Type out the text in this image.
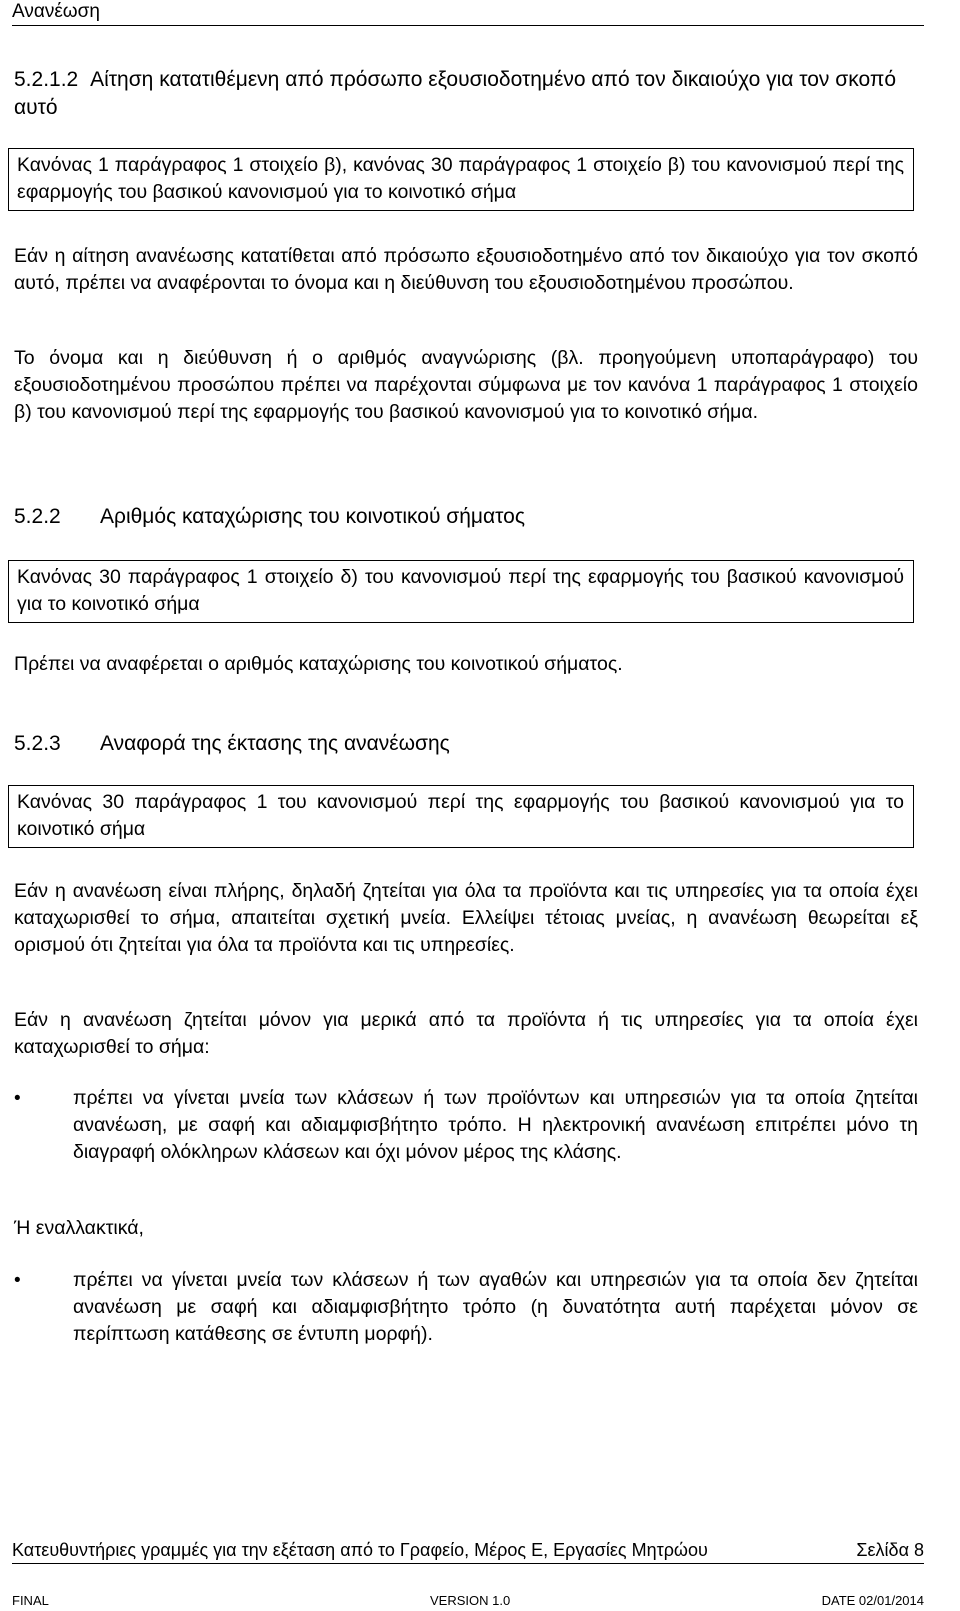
Ανανέωση
5.2.1.2 Αίτηση κατατιθέμενη από πρόσωπο εξουσιοδοτημένο από τον δικαιούχο για τον σκοπό αυτό
Κανόνας 1 παράγραφος 1 στοιχείο β), κανόνας 30 παράγραφος 1 στοιχείο β) του κανονισμού περί της εφαρμογής του βασικού κανονισμού για το κοινοτικό σήμα

Εάν η αίτηση ανανέωσης κατατίθεται από πρόσωπο εξουσιοδοτημένο από τον δικαιούχο για τον σκοπό αυτό, πρέπει να αναφέρονται το όνομα και η διεύθυνση του εξουσιοδοτημένου προσώπου.

Το όνομα και η διεύθυνση ή ο αριθμός αναγνώρισης (βλ. προηγούμενη υποπαράγραφο) του εξουσιοδοτημένου προσώπου πρέπει να παρέχονται σύμφωνα με τον κανόνα 1 παράγραφος 1 στοιχείο β) του κανονισμού περί της εφαρμογής του βασικού κανονισμού για το κοινοτικό σήμα.

5.2.2 Αριθμός καταχώρισης του κοινοτικού σήματος
Κανόνας 30 παράγραφος 1 στοιχείο δ) του κανονισμού περί της εφαρμογής του βασικού κανονισμού για το κοινοτικό σήμα

Πρέπει να αναφέρεται ο αριθμός καταχώρισης του κοινοτικού σήματος.

5.2.3 Αναφορά της έκτασης της ανανέωσης
Κανόνας 30 παράγραφος 1 του κανονισμού περί της εφαρμογής του βασικού κανονισμού για το κοινοτικό σήμα

Εάν η ανανέωση είναι πλήρης, δηλαδή ζητείται για όλα τα προϊόντα και τις υπηρεσίες για τα οποία έχει καταχωρισθεί το σήμα, απαιτείται σχετική μνεία. Ελλείψει τέτοιας μνείας, η ανανέωση θεωρείται εξ ορισμού ότι ζητείται για όλα τα προϊόντα και τις υπηρεσίες.

Εάν η ανανέωση ζητείται μόνον για μερικά από τα προϊόντα ή τις υπηρεσίες για τα οποία έχει καταχωρισθεί το σήμα:

•	πρέπει να γίνεται μνεία των κλάσεων ή των προϊόντων και υπηρεσιών για τα οποία ζητείται ανανέωση, με σαφή και αδιαμφισβήτητο τρόπο. Η ηλεκτρονική ανανέωση επιτρέπει μόνο τη διαγραφή ολόκληρων κλάσεων και όχι μόνον μέρος της κλάσης.

Ή εναλλακτικά,

•	πρέπει να γίνεται μνεία των κλάσεων ή των αγαθών και υπηρεσιών για τα οποία δεν ζητείται ανανέωση με σαφή και αδιαμφισβήτητο τρόπο (η δυνατότητα αυτή παρέχεται μόνον σε περίπτωση κατάθεσης σε έντυπη μορφή).
Κατευθυντήριες γραμμές για την εξέταση από το Γραφείο, Μέρος Ε, Εργασίες Μητρώου	Σελίδα 8
FINAL	VERSION 1.0	DATE 02/01/2014
